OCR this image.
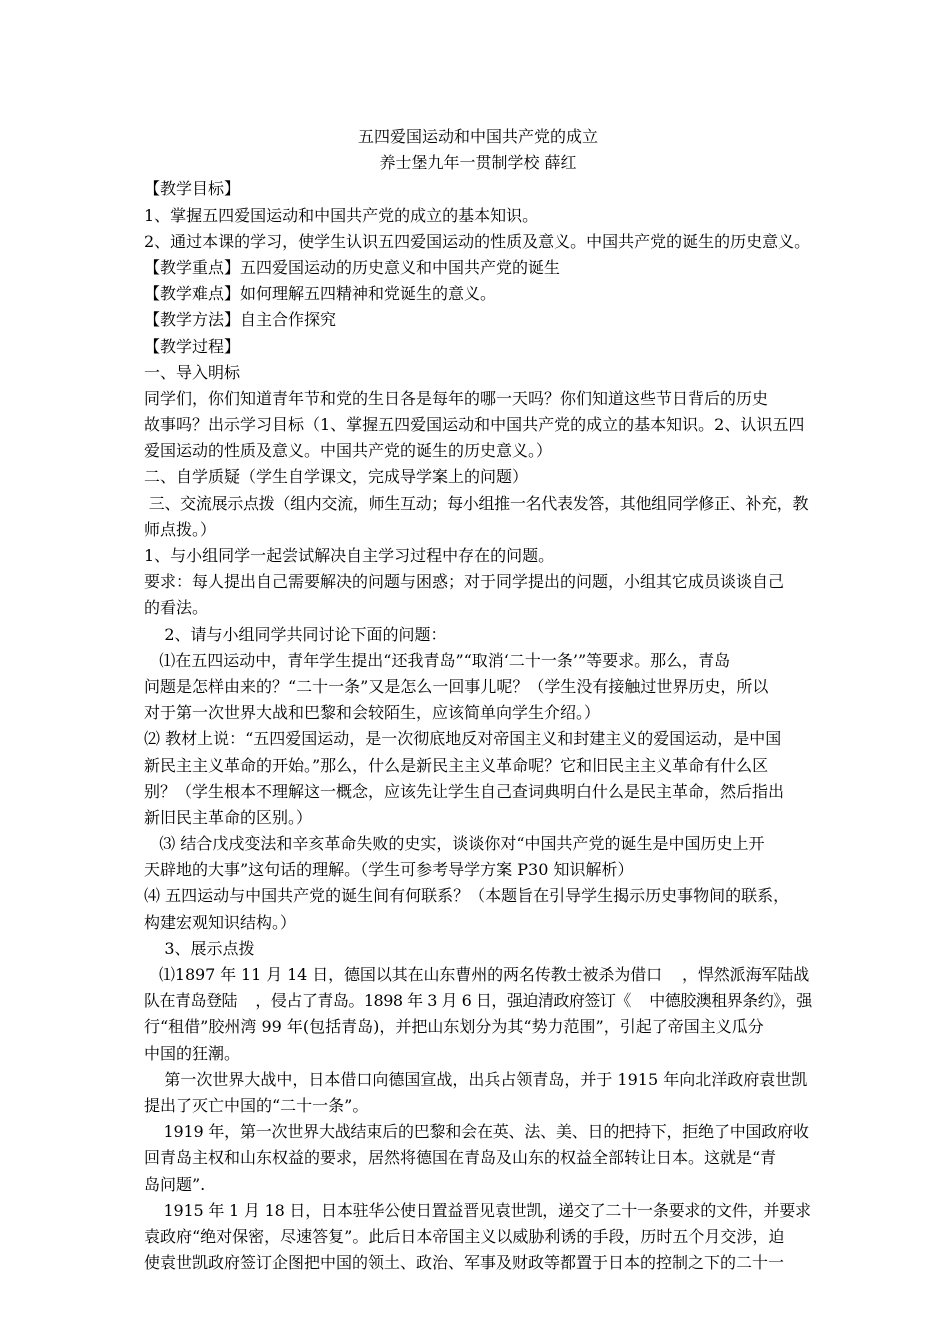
五四爱国运动和中国共产党的成立
养士堡九年一贯制学校 薛红
【教学目标】
1、掌握五四爱国运动和中国共产党的成立的基本知识。
2、通过本课的学习，使学生认识五四爱国运动的性质及意义。中国共产党的诞生的历史意义。
【教学重点】五四爱国运动的历史意义和中国共产党的诞生
【教学难点】如何理解五四精神和党诞生的意义。
【教学方法】自主合作探究
【教学过程】
一、导入明标
同学们，你们知道青年节和党的生日各是每年的哪一天吗？你们知道这些节日背后的历史
故事吗？出示学习目标（1、掌握五四爱国运动和中国共产党的成立的基本知识。2、认识五四
爱国运动的性质及意义。中国共产党的诞生的历史意义。）
二、自学质疑（学生自学课文，完成导学案上的问题）
三、交流展示点拨（组内交流，师生互动；每小组推一名代表发答，其他组同学修正、补充，教
师点拨。）
1、与小组同学一起尝试解决自主学习过程中存在的问题。
要求：每人提出自己需要解决的问题与困惑；对于同学提出的问题，小组其它成员谈谈自己
的看法。
2、请与小组同学共同讨论下面的问题：
⑴在五四运动中，青年学生提出“还我青岛”“取消‘二十一条’”等要求。那么，青岛
问题是怎样由来的？“二十一条”又是怎么一回事儿呢？（学生没有接触过世界历史，所以
对于第一次世界大战和巴黎和会较陌生，应该简单向学生介绍。）
⑵ 教材上说：“五四爱国运动，是一次彻底地反对帝国主义和封建主义的爱国运动，是中国
新民主主义革命的开始。”那么，什么是新民主主义革命呢？它和旧民主主义革命有什么区
别？（学生根本不理解这一概念，应该先让学生自己查词典明白什么是民主革命，然后指出
新旧民主革命的区别。）
⑶ 结合戊戌变法和辛亥革命失败的史实，谈谈你对“中国共产党的诞生是中国历史上开
天辟地的大事”这句话的理解。（学生可参考导学方案 P30 知识解析）
⑷ 五四运动与中国共产党的诞生间有何联系？（本题旨在引导学生揭示历史事物间的联系，
构建宏观知识结构。）
3、展示点拨
⑴1897 年 11 月 14 日，德国以其在山东曹州的两名传教士被杀为借口    ，悍然派海军陆战
队在青岛登陆    ，侵占了青岛。1898 年 3 月 6 日，强迫清政府签订《    中德胶澳租界条约》，强
行“租借”胶州湾 99 年(包括青岛)，并把山东划分为其“势力范围”，引起了帝国主义瓜分
中国的狂潮。
第一次世界大战中，日本借口向德国宣战，出兵占领青岛，并于 1915 年向北洋政府袁世凯
提出了灭亡中国的“二十一条”。
1919 年，第一次世界大战结束后的巴黎和会在英、法、美、日的把持下，拒绝了中国政府收
回青岛主权和山东权益的要求，居然将德国在青岛及山东的权益全部转让日本。这就是“青
岛问题”.
1915 年 1 月 18 日，日本驻华公使日置益晋见袁世凯，递交了二十一条要求的文件，并要求
袁政府“绝对保密，尽速答复”。此后日本帝国主义以威胁利诱的手段，历时五个月交涉，迫
使袁世凯政府签订企图把中国的领土、政治、军事及财政等都置于日本的控制之下的二十一
